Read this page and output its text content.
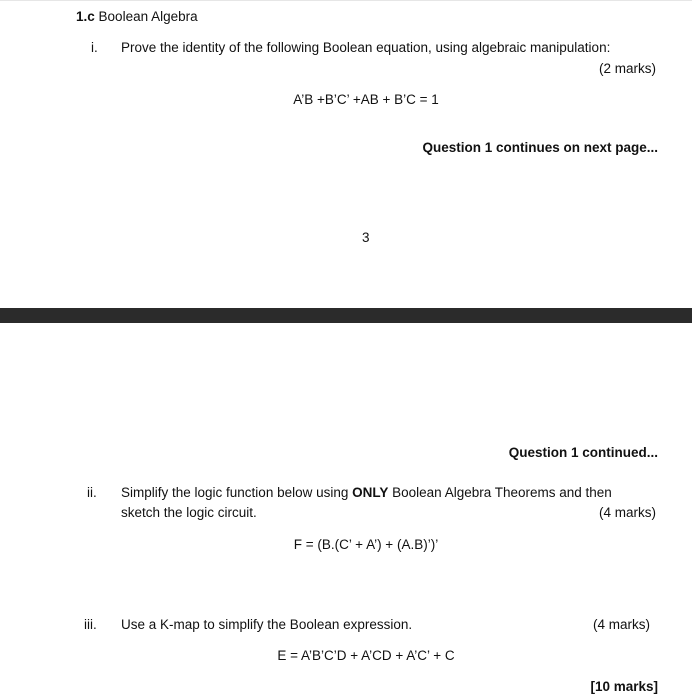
1.c Boolean Algebra
i. Prove the identity of the following Boolean equation, using algebraic manipulation:
(2 marks)
A’B +B’C’ +AB + B’C = 1
Question 1 continues on next page...
3
Question 1 continued...
ii. Simplify the logic function below using ONLY Boolean Algebra Theorems and then
sketch the logic circuit.	(4 marks)
F = (B.(C’ + A’) + (A.B)’)’
iii. Use a K-map to simplify the Boolean expression.	(4 marks)
E = A’B’C’D + A’CD + A’C’ + C
[10 marks]
